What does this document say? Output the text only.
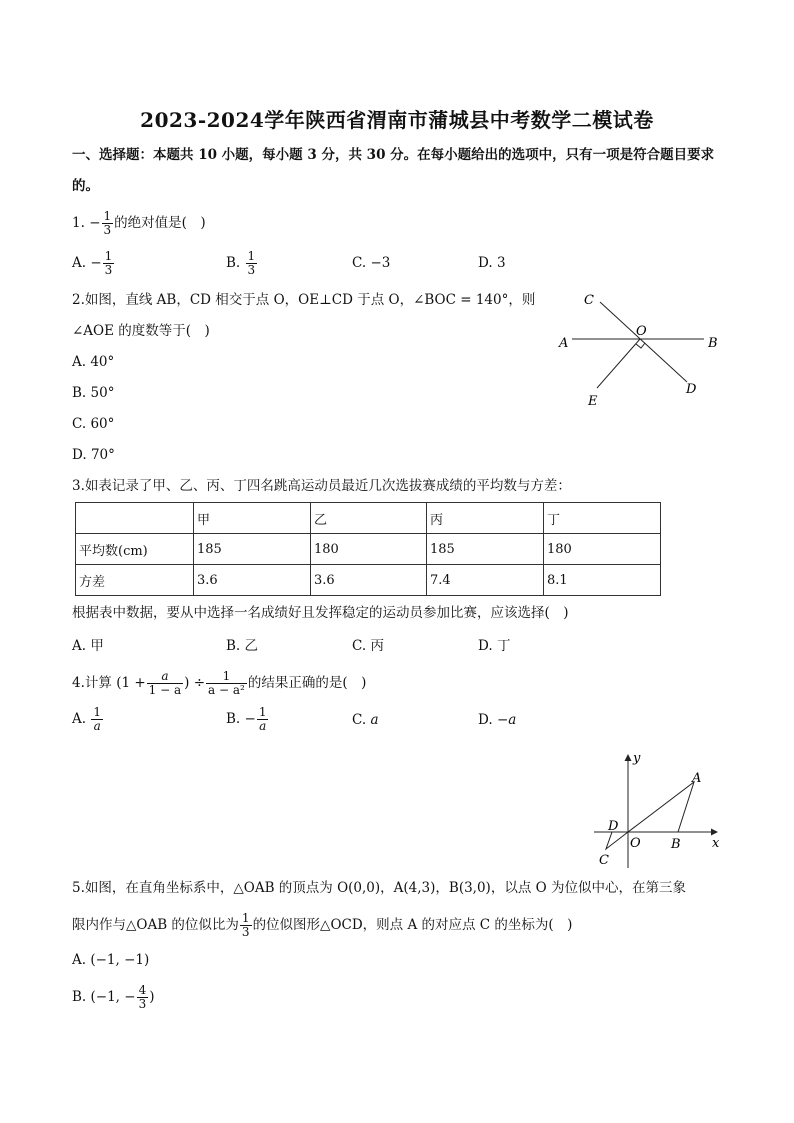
2023-2024学年陕西省渭南市蒲城县中考数学二模试卷
一、选择题：本题共 10 小题，每小题 3 分，共 30 分。在每小题给出的选项中，只有一项是符合题目要求
的。
1. − $\frac{1}{3}$ 的绝对值是(　)
A. − $\frac{1}{3}$	B. $\frac{1}{3}$	C. −3	D. 3
2.如图，直线 AB，CD 相交于点 O，OE⊥CD 于点 O，∠BOC = 140°，则
∠AOE 的度数等于(　)
A. 40°
B. 50°
C. 60°
D. 70°
C
O
A	B
D
E
3.如表记录了甲、乙、丙、丁四名跳高运动员最近几次选拔赛成绩的平均数与方差：
	甲	乙	丙	丁
平均数(cm)	185	180	185	180
方差	3.6	3.6	7.4	8.1
根据表中数据，要从中选择一名成绩好且发挥稳定的运动员参加比赛，应该选择(　)
A. 甲	B. 乙	C. 丙	D. 丁
4.计算 ($1 + \frac{a}{1 - a}$ ) ÷ $\frac{1}{\text{a − a²}}$ 的结果正确的是(　)
A. $\frac{1}{a}$	B. − $\frac{1}{a}$	C. a	D. −a
y
A
D
O B x
C
5.如图，在直角坐标系中，△OAB 的顶点为 O(0,0)，A(4,3)，B(3,0)，以点 O 为位似中心，在第三象
限内作与△OAB 的位似比为 $\frac{1}{3}$ 的位似图形△OCD，则点 A 的对应点 C 的坐标为(　)
A. (−1, −1)
B. (−1, − $\frac{4}{3}$ )
